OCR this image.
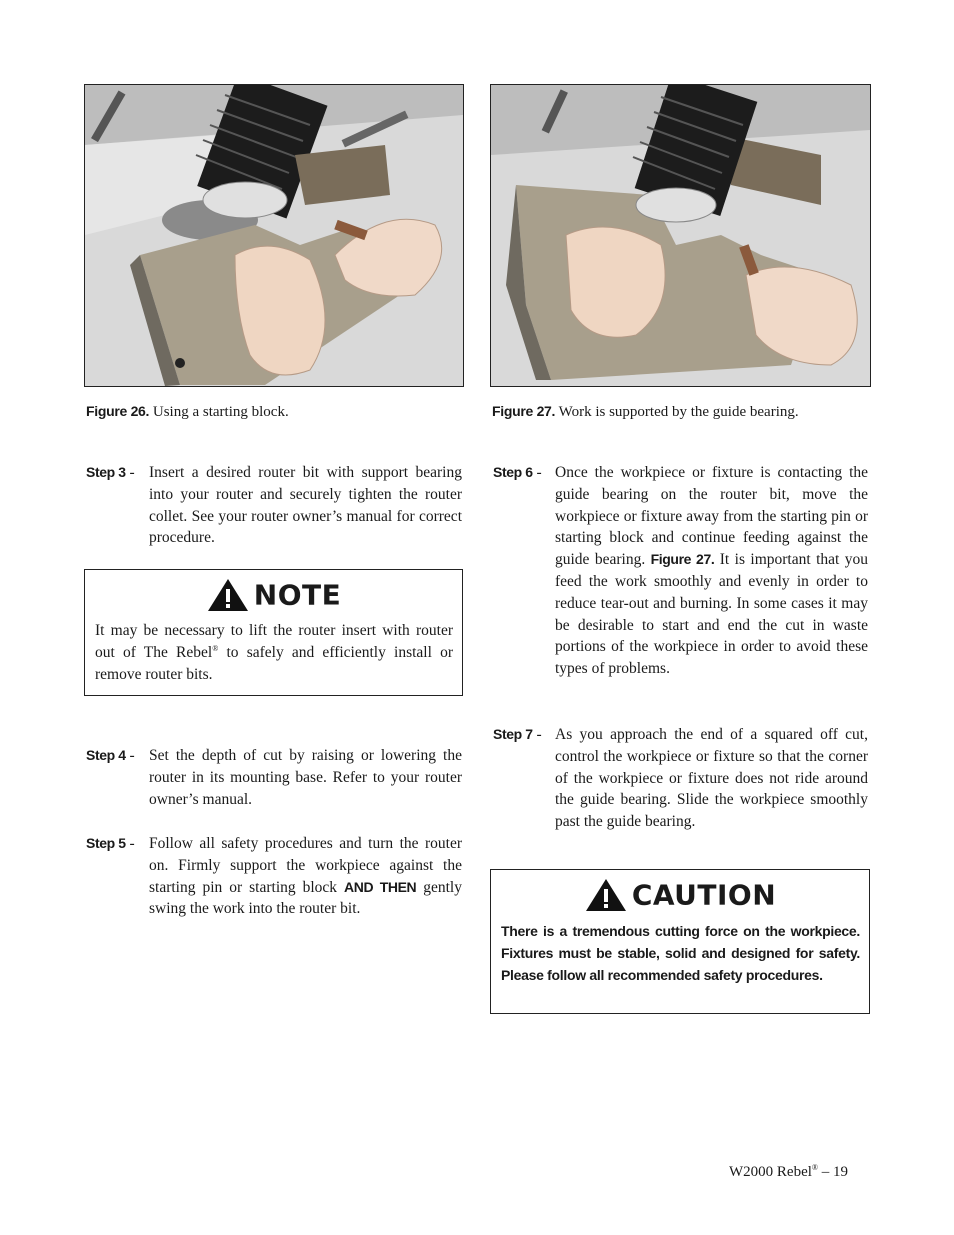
Figure 26. Using a starting block.	Figure 27. Work is supported by the guide bearing.
Step 3 - Insert a desired router bit with support bearing into your router and securely tighten the router collet. See your router owner’s manual for correct procedure.
NOTE
It may be necessary to lift the router insert with router out of The Rebel® to safely and efficiently install or remove router bits.
Step 4 - Set the depth of cut by raising or lowering the router in its mounting base. Refer to your router owner’s manual.
Step 5 - Follow all safety procedures and turn the router on. Firmly support the workpiece against the starting pin or starting block AND THEN gently swing the work into the router bit.
Step 6 - Once the workpiece or fixture is contacting the guide bearing on the router bit, move the workpiece or fixture away from the starting pin or starting block and continue feeding against the guide bearing. Figure 27. It is important that you feed the work smoothly and evenly in order to reduce tear-out and burning. In some cases it may be desirable to start and end the cut in waste portions of the workpiece in order to avoid these types of problems.
Step 7 - As you approach the end of a squared off cut, control the workpiece or fixture so that the corner of the workpiece or fixture does not ride around the guide bearing. Slide the workpiece smoothly past the guide bearing.
CAUTION
There is a tremendous cutting force on the workpiece. Fixtures must be stable, solid and designed for safety. Please follow all recommended safety procedures.
W2000 Rebel® – 19
